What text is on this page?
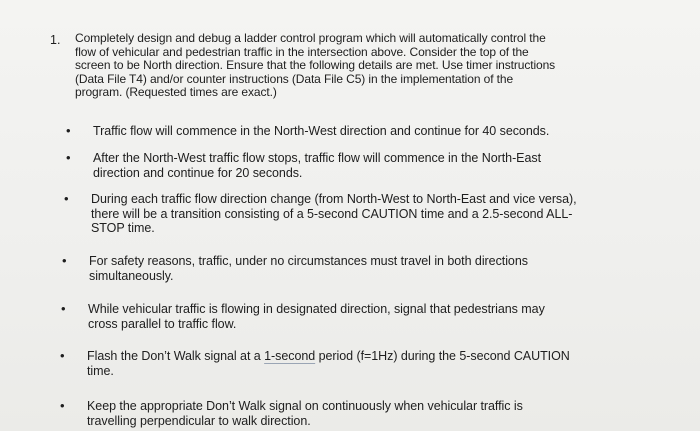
1. Completely design and debug a ladder control program which will automatically control the
flow of vehicular and pedestrian traffic in the intersection above. Consider the top of the
screen to be North direction. Ensure that the following details are met. Use timer instructions
(Data File T4) and/or counter instructions (Data File C5) in the implementation of the
program. (Requested times are exact.)
• Traffic flow will commence in the North-West direction and continue for 40 seconds.
• After the North-West traffic flow stops, traffic flow will commence in the North-East
direction and continue for 20 seconds.
• During each traffic flow direction change (from North-West to North-East and vice versa),
there will be a transition consisting of a 5-second CAUTION time and a 2.5-second ALL-
STOP time.
• For safety reasons, traffic, under no circumstances must travel in both directions
simultaneously.
• While vehicular traffic is flowing in designated direction, signal that pedestrians may
cross parallel to traffic flow.
• Flash the Don’t Walk signal at a 1-second period (f=1Hz) during the 5-second CAUTION
time.
• Keep the appropriate Don’t Walk signal on continuously when vehicular traffic is
travelling perpendicular to walk direction.
